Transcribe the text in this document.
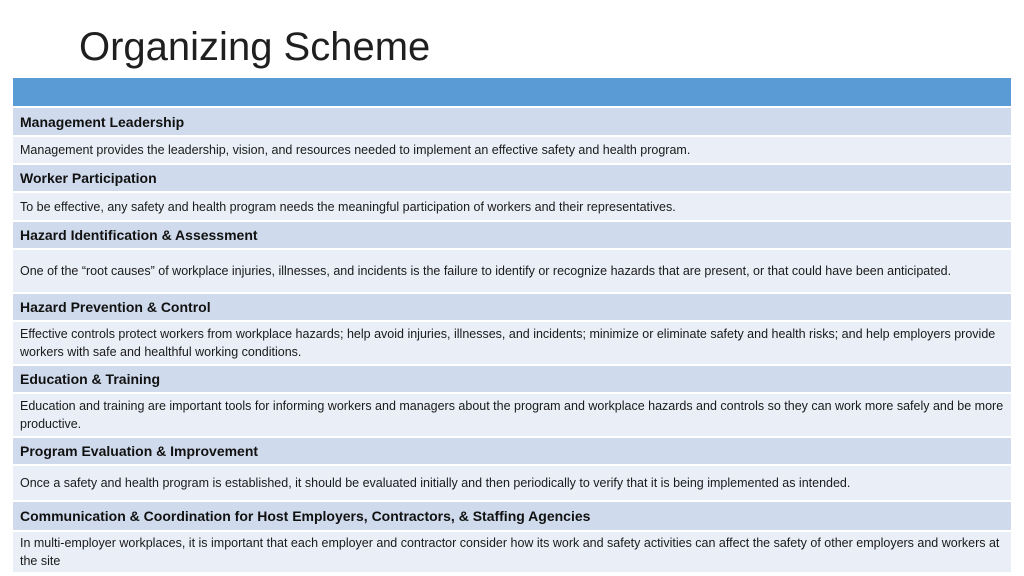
Organizing Scheme
Management Leadership
Management provides the leadership, vision, and resources needed to implement an effective safety and health program.
Worker Participation
To be effective, any safety and health program needs the meaningful participation of workers and their representatives.
Hazard Identification & Assessment
One of the “root causes” of workplace injuries, illnesses, and incidents is the failure to identify or recognize hazards that are present, or that could have been anticipated.
Hazard Prevention & Control
Effective controls protect workers from workplace hazards; help avoid injuries, illnesses, and incidents; minimize or eliminate safety and health risks; and help employers provide workers with safe and healthful working conditions.
Education & Training
Education and training are important tools for informing workers and managers about the program and workplace hazards and controls so they can work more safely and be more productive.
Program Evaluation & Improvement
Once a safety and health program is established, it should be evaluated initially and then periodically to verify that it is being implemented as intended.
Communication & Coordination for Host Employers, Contractors, & Staffing Agencies
In multi-employer workplaces, it is important that each employer and contractor consider how its work and safety activities can affect the safety of other employers and workers at the site
